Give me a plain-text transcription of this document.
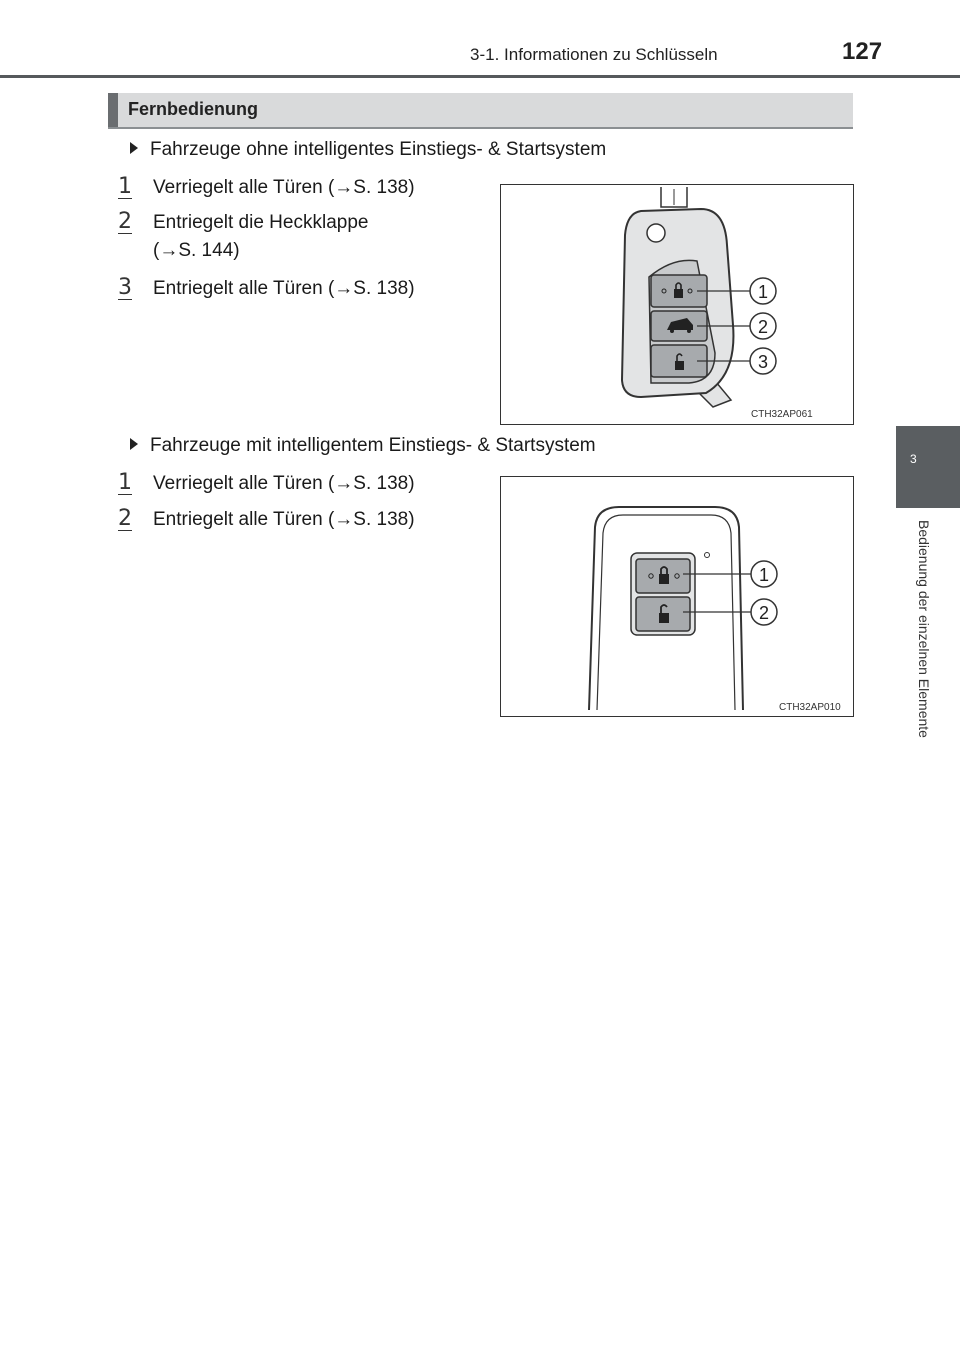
3-1. Informationen zu Schlüsseln	127
3
Bedienung der einzelnen Elemente
Fernbedienung
Fahrzeuge ohne intelligentes Einstiegs- & Startsystem
1 Verriegelt alle Türen (→S. 138)
2 Entriegelt die Heckklappe
(→S. 144)
3 Entriegelt alle Türen (→S. 138)	1
2
3
CTH32AP061
Fahrzeuge mit intelligentem Einstiegs- & Startsystem
1 Verriegelt alle Türen (→S. 138)
2 Entriegelt alle Türen (→S. 138)
1
2
CTH32AP010
